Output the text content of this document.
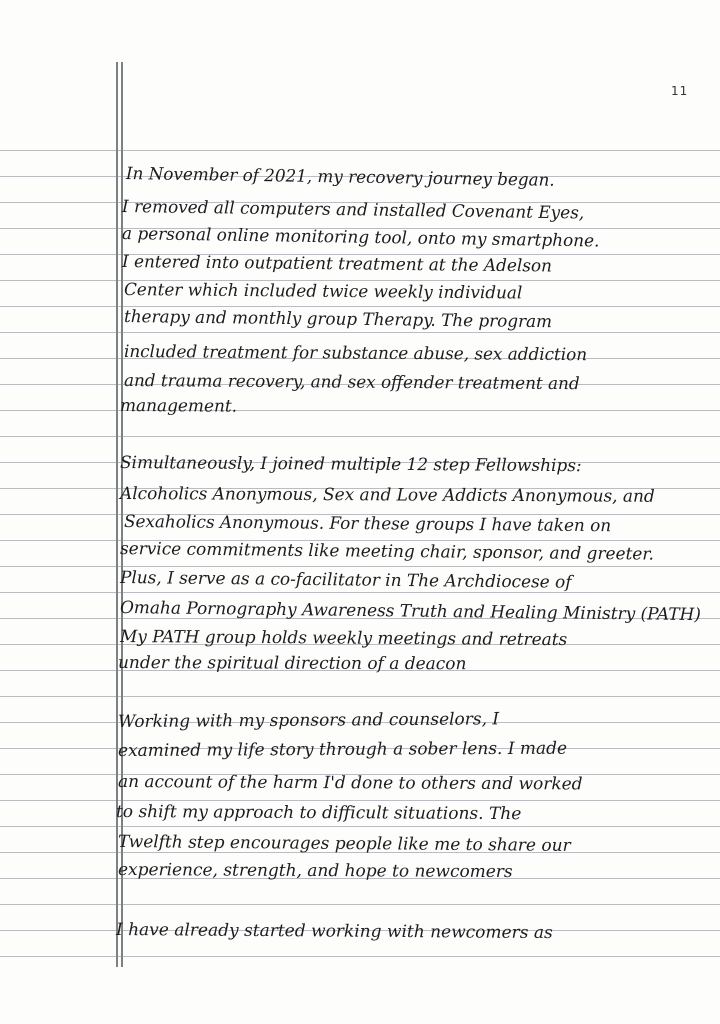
11
In November of 2021, my recovery journey began.
I removed all computers and installed Covenant Eyes,
a personal online monitoring tool, onto my smartphone.
I entered into outpatient treatment at the Adelson
Center which included twice weekly individual
therapy and monthly group Therapy. The program
included treatment for substance abuse, sex addiction
and trauma recovery, and sex offender treatment and
management.
Simultaneously, I joined multiple 12 step Fellowships:
Alcoholics Anonymous, Sex and Love Addicts Anonymous, and
Sexaholics Anonymous. For these groups I have taken on
service commitments like meeting chair, sponsor, and greeter.
Plus, I serve as a co-facilitator in The Archdiocese of
Omaha Pornography Awareness Truth and Healing Ministry (PATH)
My PATH group holds weekly meetings and retreats
under the spiritual direction of a deacon
Working with my sponsors and counselors, I
examined my life story through a sober lens. I made
an account of the harm I'd done to others and worked
to shift my approach to difficult situations. The
Twelfth step encourages people like me to share our
experience, strength, and hope to newcomers
I have already started working with newcomers as
